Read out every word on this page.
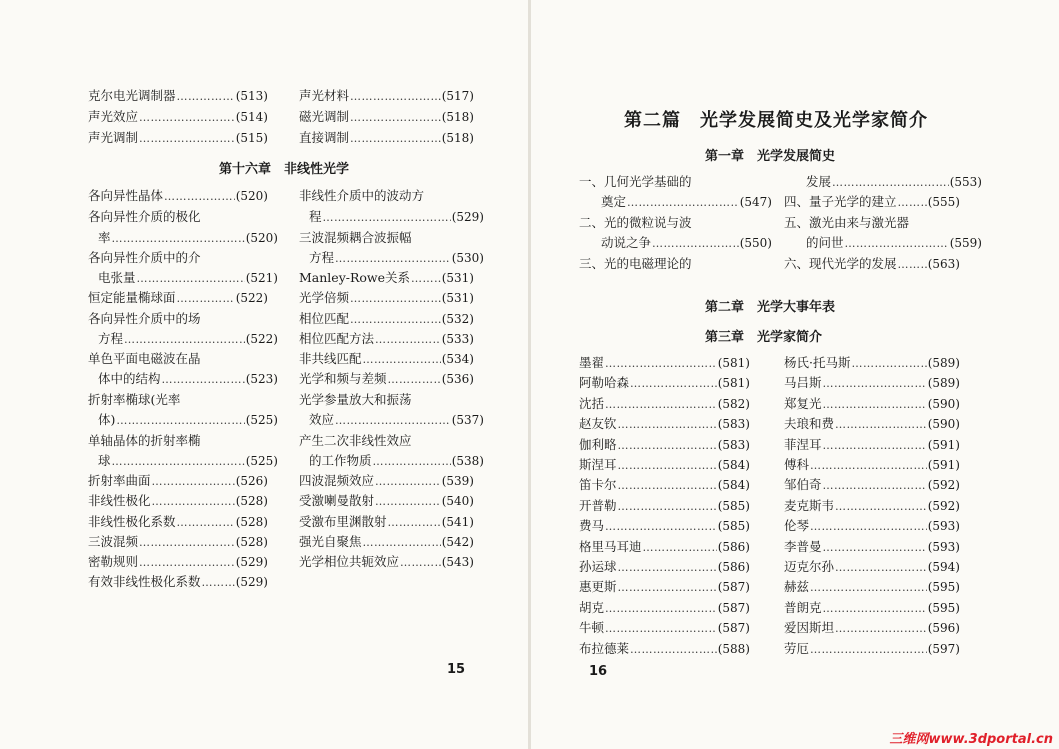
第十六章　非线性光学
各向异性晶体 ……………………………………………………………………………………………………………	(520)
各向异性介质的极化
率 ……………………………………………………………………………………………………………	(520)
各向异性介质中的介
电张量 ……………………………………………………………………………………………………………	(521)
恒定能量椭球面 ……………………………………………………………………………………………………………	(522)
各向异性介质中的场
方程 ……………………………………………………………………………………………………………	(522)
单色平面电磁波在晶
体中的结构 ……………………………………………………………………………………………………………	(523)
折射率椭球(光率
体) ……………………………………………………………………………………………………………	(525)
单轴晶体的折射率椭
球 ……………………………………………………………………………………………………………	(525)
折射率曲面 ……………………………………………………………………………………………………………	(526)
非线性极化 ……………………………………………………………………………………………………………	(528)
非线性极化系数 ……………………………………………………………………………………………………………	(528)
三波混频 ……………………………………………………………………………………………………………	(528)
密勒规则 ……………………………………………………………………………………………………………	(529)
有效非线性极化系数 ……………………………………………………………………………………………………………	(529)
非线性介质中的波动方
程 ……………………………………………………………………………………………………………	(529)
三波混频耦合波振幅
方程 ……………………………………………………………………………………………………………	(530)
Manley-Rowe关系 ……………………………………………………………………………………………………………	(531)
光学倍频 ……………………………………………………………………………………………………………	(531)
相位匹配 ……………………………………………………………………………………………………………	(532)
相位匹配方法 ……………………………………………………………………………………………………………	(533)
非共线匹配 ……………………………………………………………………………………………………………	(534)
光学和频与差频 ……………………………………………………………………………………………………………	(536)
光学参量放大和振荡
效应 ……………………………………………………………………………………………………………	(537)
产生二次非线性效应
的工作物质 ……………………………………………………………………………………………………………	(538)
四波混频效应 ……………………………………………………………………………………………………………	(539)
受激喇曼散射 ……………………………………………………………………………………………………………	(540)
受激布里渊散射 ……………………………………………………………………………………………………………	(541)
强光自聚焦 ……………………………………………………………………………………………………………	(542)
光学相位共轭效应 ……………………………………………………………………………………………………………	(543)
15
第二篇　光学发展简史及光学家简介
第一章　光学发展简史
一、几何光学基础的
奠定 ……………………………………………………………………………………………………………	(547)
二、光的微粒说与波
动说之争 ……………………………………………………………………………………………………………	(550)
三、光的电磁理论的
发展 ……………………………………………………………………………………………………………	(553)
四、量子光学的建立 ……………………………………………………………………………………………………………	(555)
五、激光由来与激光器
的问世 ……………………………………………………………………………………………………………	(559)
六、现代光学的发展 ……………………………………………………………………………………………………………	(563)
第二章　光学大事年表
第三章　光学家简介
16
三维网www.3dportal.cn
克尔电光调制器 ……………………………………………………………………………………………………………	(513)
声光效应 ……………………………………………………………………………………………………………	(514)
声光调制 ……………………………………………………………………………………………………………	(515)
声光材料 ……………………………………………………………………………………………………………	(517)
磁光调制 ……………………………………………………………………………………………………………	(518)
直接调制 ……………………………………………………………………………………………………………	(518)
墨翟 ……………………………………………………………………………………………………………	(581)
阿勒哈森 ……………………………………………………………………………………………………………	(581)
沈括 ……………………………………………………………………………………………………………	(582)
赵友钦 ……………………………………………………………………………………………………………	(583)
伽利略 ……………………………………………………………………………………………………………	(583)
斯涅耳 ……………………………………………………………………………………………………………	(584)
笛卡尔 ……………………………………………………………………………………………………………	(584)
开普勒 ……………………………………………………………………………………………………………	(585)
费马 ……………………………………………………………………………………………………………	(585)
格里马耳迪 ……………………………………………………………………………………………………………	(586)
孙运球 ……………………………………………………………………………………………………………	(586)
惠更斯 ……………………………………………………………………………………………………………	(587)
胡克 ……………………………………………………………………………………………………………	(587)
牛顿 ……………………………………………………………………………………………………………	(587)
布拉德莱 ……………………………………………………………………………………………………………	(588)
杨氏·托马斯 ……………………………………………………………………………………………………………	(589)
马吕斯 ……………………………………………………………………………………………………………	(589)
郑复光 ……………………………………………………………………………………………………………	(590)
夫琅和费 ……………………………………………………………………………………………………………	(590)
菲涅耳 ……………………………………………………………………………………………………………	(591)
傅科 ……………………………………………………………………………………………………………	(591)
邹伯奇 ……………………………………………………………………………………………………………	(592)
麦克斯韦 ……………………………………………………………………………………………………………	(592)
伦琴 ……………………………………………………………………………………………………………	(593)
李普曼 ……………………………………………………………………………………………………………	(593)
迈克尔孙 ……………………………………………………………………………………………………………	(594)
赫兹 ……………………………………………………………………………………………………………	(595)
普朗克 ……………………………………………………………………………………………………………	(595)
爱因斯坦 ……………………………………………………………………………………………………………	(596)
劳厄 ……………………………………………………………………………………………………………	(597)
